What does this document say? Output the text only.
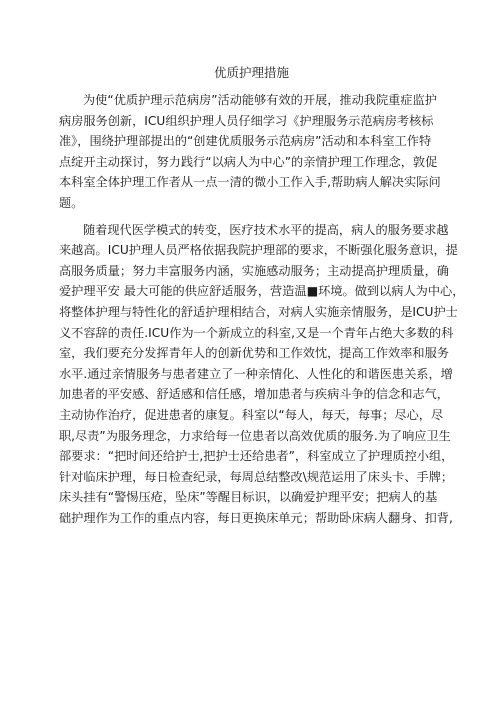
优质护理措施
为使“优质护理示范病房”活动能够有效的开展，推动我院重症监护
病房服务创新，ICU组织护理人员仔细学习《护理服务示范病房考核标
准》，围绕护理部提出的“创建优质服务示范病房”活动和本科室工作特
点绽开主动探讨，努力践行“以病人为中心”的亲情护理工作理念，敦促
本科室全体护理工作者从一点一清的微小工作入手,帮助病人解决实际问
题。
随着现代医学模式的转变，医疗技术水平的提高，病人的服务要求越
来越高。ICU护理人员严格依据我院护理部的要求，不断强化服务意识，提
高服务质量；努力丰富服务内涵，实施感动服务；主动提高护理质量，确
爱护理平安 最大可能的供应舒适服务，营造温■环境。做到以病人为中心，
将整体护理与特性化的舒适护理相结合，对病人实施亲情服务，是ICU护士
义不容辞的责任.ICU作为一个新成立的科室,又是一个青年占绝大多数的科
室，我们要充分发挥青年人的创新优势和工作效忱，提高工作效率和服务
水平.通过亲情服务与患者建立了一种亲情化、人性化的和谐医患关系，增
加患者的平安感、舒适感和信任感，增加患者与疾病斗争的信念和志气，
主动协作治疗，促进患者的康复。科室以“每人，每天，每事；尽心，尽
职,尽责”为服务理念，力求给每一位患者以高效优质的服务.为了响应卫生
部要求：“把时间还给护士,把护士还给患者”，科室成立了护理质控小组，
针对临床护理，每日检查纪录，每周总结整改\规范运用了床头卡、手牌；
床头挂有“警惕压疮，坠床”等醒目标识，以确爱护理平安；把病人的基
础护理作为工作的重点内容，每日更换床单元；帮助卧床病人翻身、扣背,
